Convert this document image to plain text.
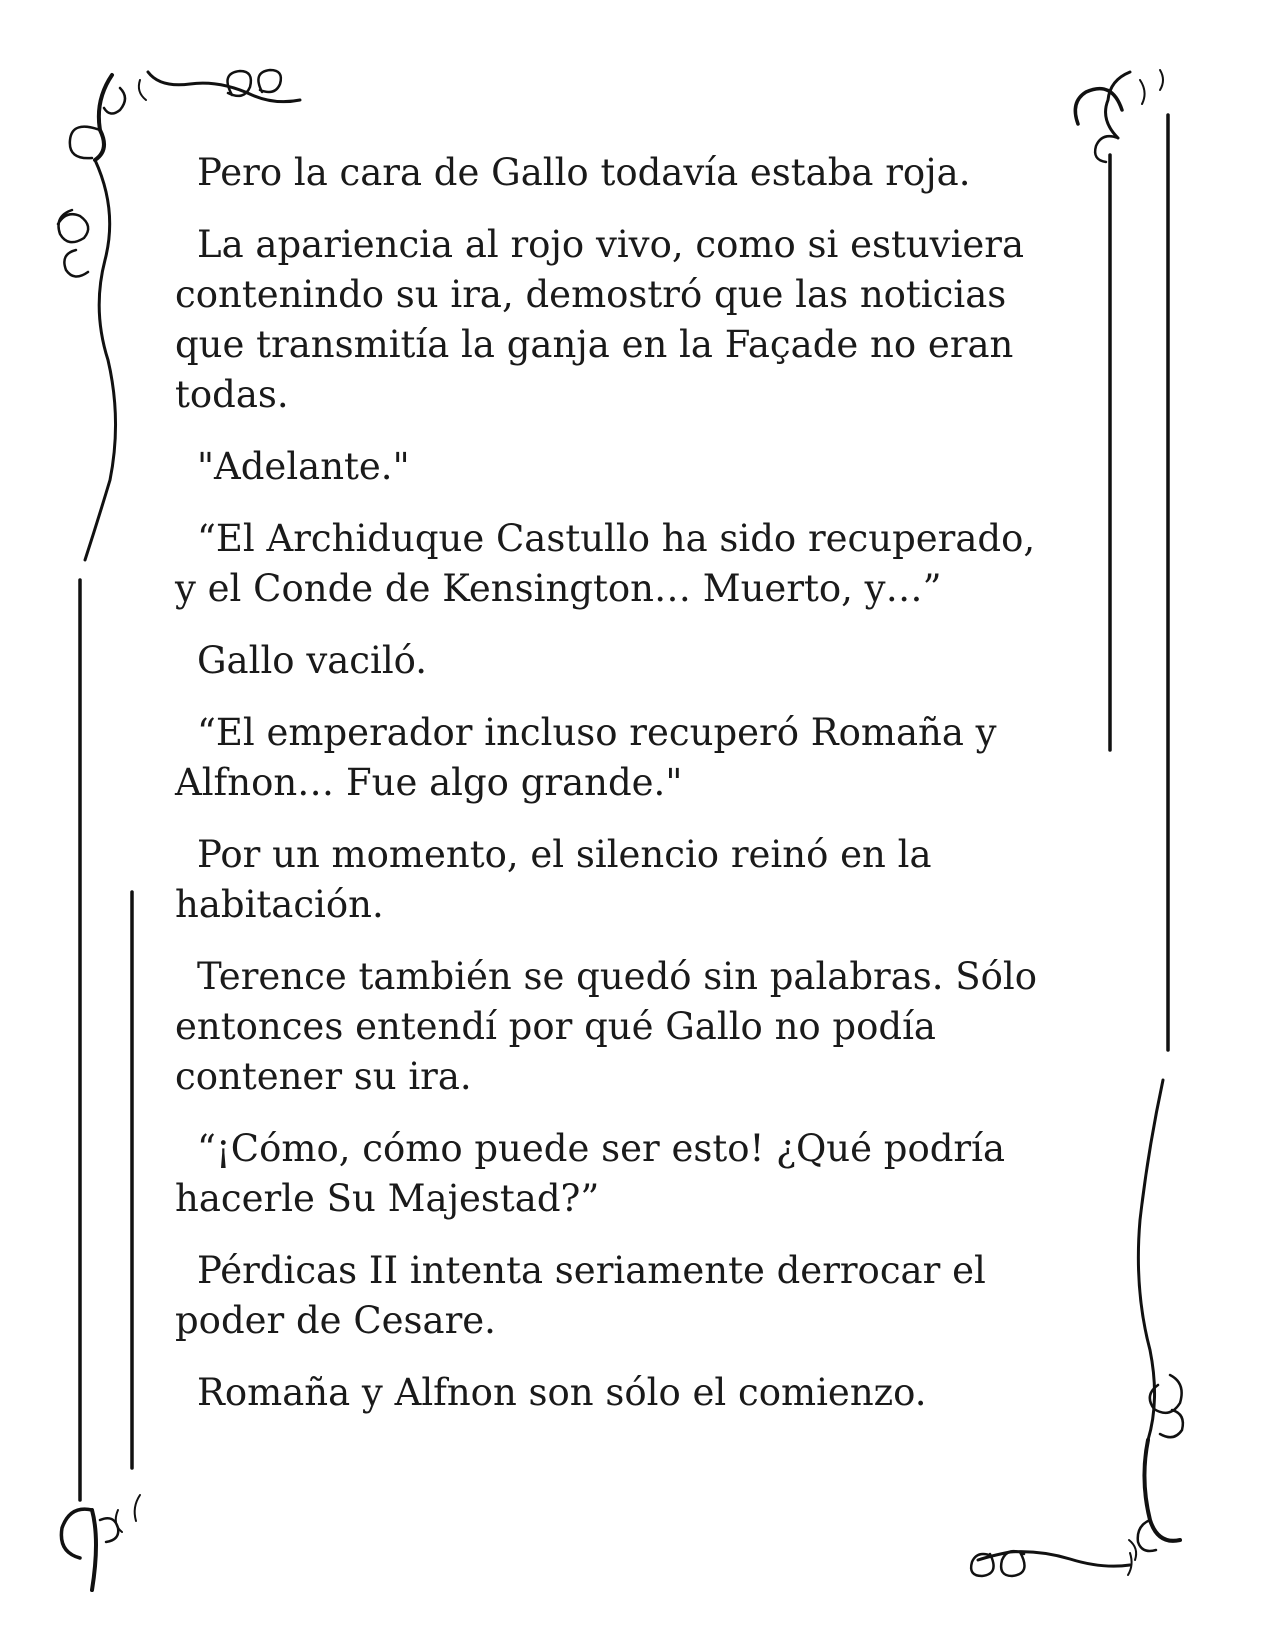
Pero la cara de Gallo todavía estaba roja.

La apariencia al rojo vivo, como si estuviera contenindo su ira, demostró que las noticias que transmitía la ganja en la Façade no eran todas.

"Adelante."

“El Archiduque Castullo ha sido recuperado, y el Conde de Kensington… Muerto, y…”

Gallo vaciló.

“El emperador incluso recuperó Romaña y Alfnon… Fue algo grande."

Por un momento, el silencio reinó en la habitación.

Terence también se quedó sin palabras. Sólo entonces entendí por qué Gallo no podía contener su ira.

“¡Cómo, cómo puede ser esto! ¿Qué podría hacerle Su Majestad?”

Pérdicas II intenta seriamente derrocar el poder de Cesare.

Romaña y Alfnon son sólo el comienzo.
